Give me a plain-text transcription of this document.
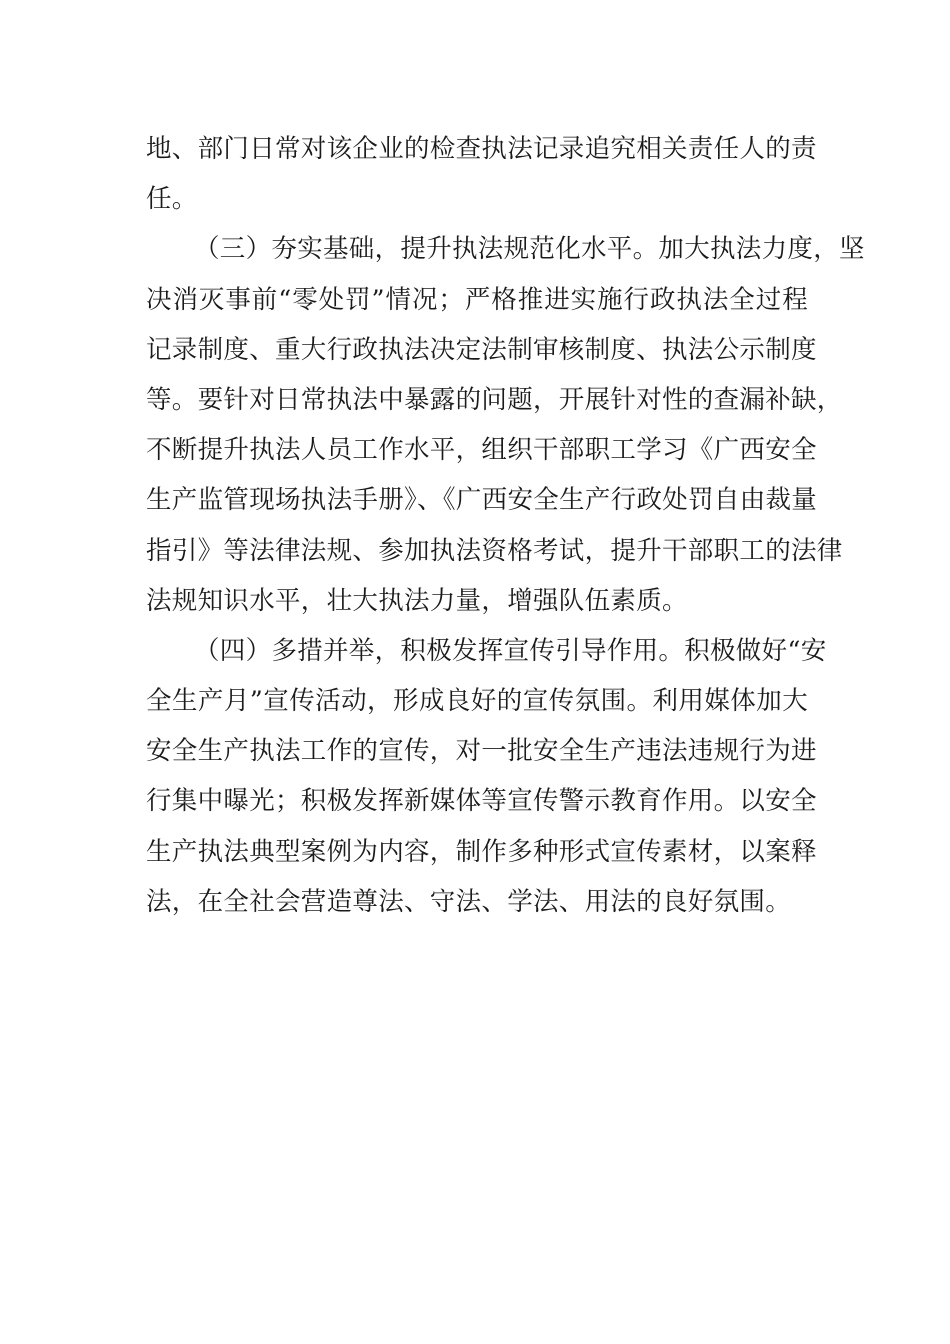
地、部门日常对该企业的检查执法记录追究相关责任人的责
任。
（三）夯实基础，提升执法规范化水平。加大执法力度，坚
决消灭事前“零处罚”情况；严格推进实施行政执法全过程
记录制度、重大行政执法决定法制审核制度、执法公示制度
等。要针对日常执法中暴露的问题，开展针对性的查漏补缺，
不断提升执法人员工作水平，组织干部职工学习《广西安全
生产监管现场执法手册》、《广西安全生产行政处罚自由裁量
指引》等法律法规、参加执法资格考试，提升干部职工的法律
法规知识水平，壮大执法力量，增强队伍素质。
（四）多措并举，积极发挥宣传引导作用。积极做好“安
全生产月”宣传活动，形成良好的宣传氛围。利用媒体加大
安全生产执法工作的宣传，对一批安全生产违法违规行为进
行集中曝光；积极发挥新媒体等宣传警示教育作用。以安全
生产执法典型案例为内容，制作多种形式宣传素材，以案释
法，在全社会营造尊法、守法、学法、用法的良好氛围。
